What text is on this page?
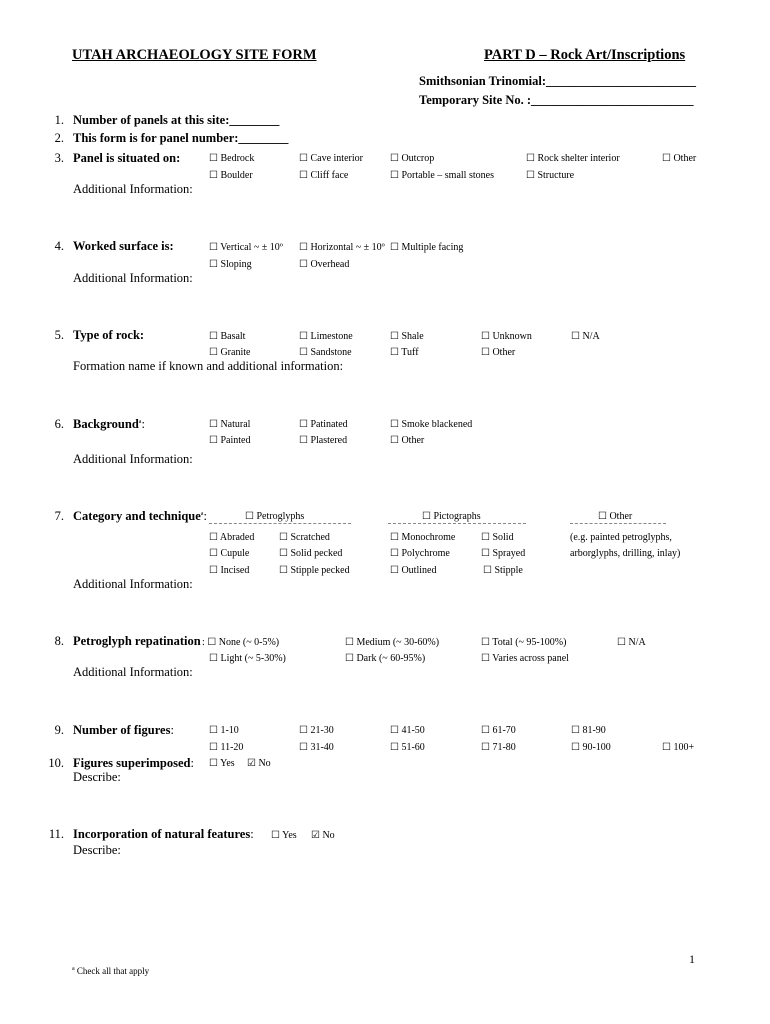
UTAH ARCHAEOLOGY SITE FORM	PART D – Rock Art/Inscriptions
Smithsonian Trinomial:________________________
Temporary Site No. :__________________________
1. Number of panels at this site:________
2. This form is for panel number:________
3. Panel is situated on:	☐ Bedrock	☐ Cave interior	☐ Outcrop	☐ Rock shelter interior	☐ Other
☐ Boulder	☐ Cliff face	☐ Portable – small stones	☐ Structure
Additional Information:
4. Worked surface is:	☐ Vertical ~ ± 10º ☐ Horizontal ~ ± 10º ☐ Multiple facing
☐ Sloping	☐ Overhead
Additional Information:
5. Type of rock:	☐ Basalt	☐ Limestone	☐ Shale	☐ Unknown	☐ N/A
☐ Granite	☐ Sandstone	☐ Tuff	☐ Other
Formation name if known and additional information:
6. Background$^a$:	☐ Natural	☐ Patinated	☐ Smoke blackened
☐ Painted	☐ Plastered	☐ Other
Additional Information:
7. Category and technique$^a$:	☐ Petroglyphs	☐ Pictographs	☐ Other
☐ Abraded ☐ Scratched	☐ Monochrome	☐ Solid	(e.g. painted petroglyphs,
☐ Cupule	☐ Solid pecked	☐ Polychrome	☐ Sprayed	arborglyphs, drilling, inlay)
☐ Incised	☐ Stipple pecked	☐ Outlined	☐ Stipple
Additional Information:
8. Petroglyph repatination : ☐ None (~ 0-5%)	☐ Medium (~ 30-60%)	☐ Total (~ 95-100%)	☐ N/A
☐ Light (~ 5-30%)	☐ Dark (~ 60-95%)	☐ Varies across panel
Additional Information:
9. Number of figures:	☐ 1-10	☐ 21-30	☐ 41-50	☐ 61-70	☐ 81-90
☐ 11-20	☐ 31-40	☐ 51-60	☐ 71-80	☐ 90-100	☐ 100+
10. Figures superimposed: ☐ Yes ☑ No
Describe:
11. Incorporation of natural features: ☐ Yes ☑ No
Describe:
1
$^a$ Check all that apply
